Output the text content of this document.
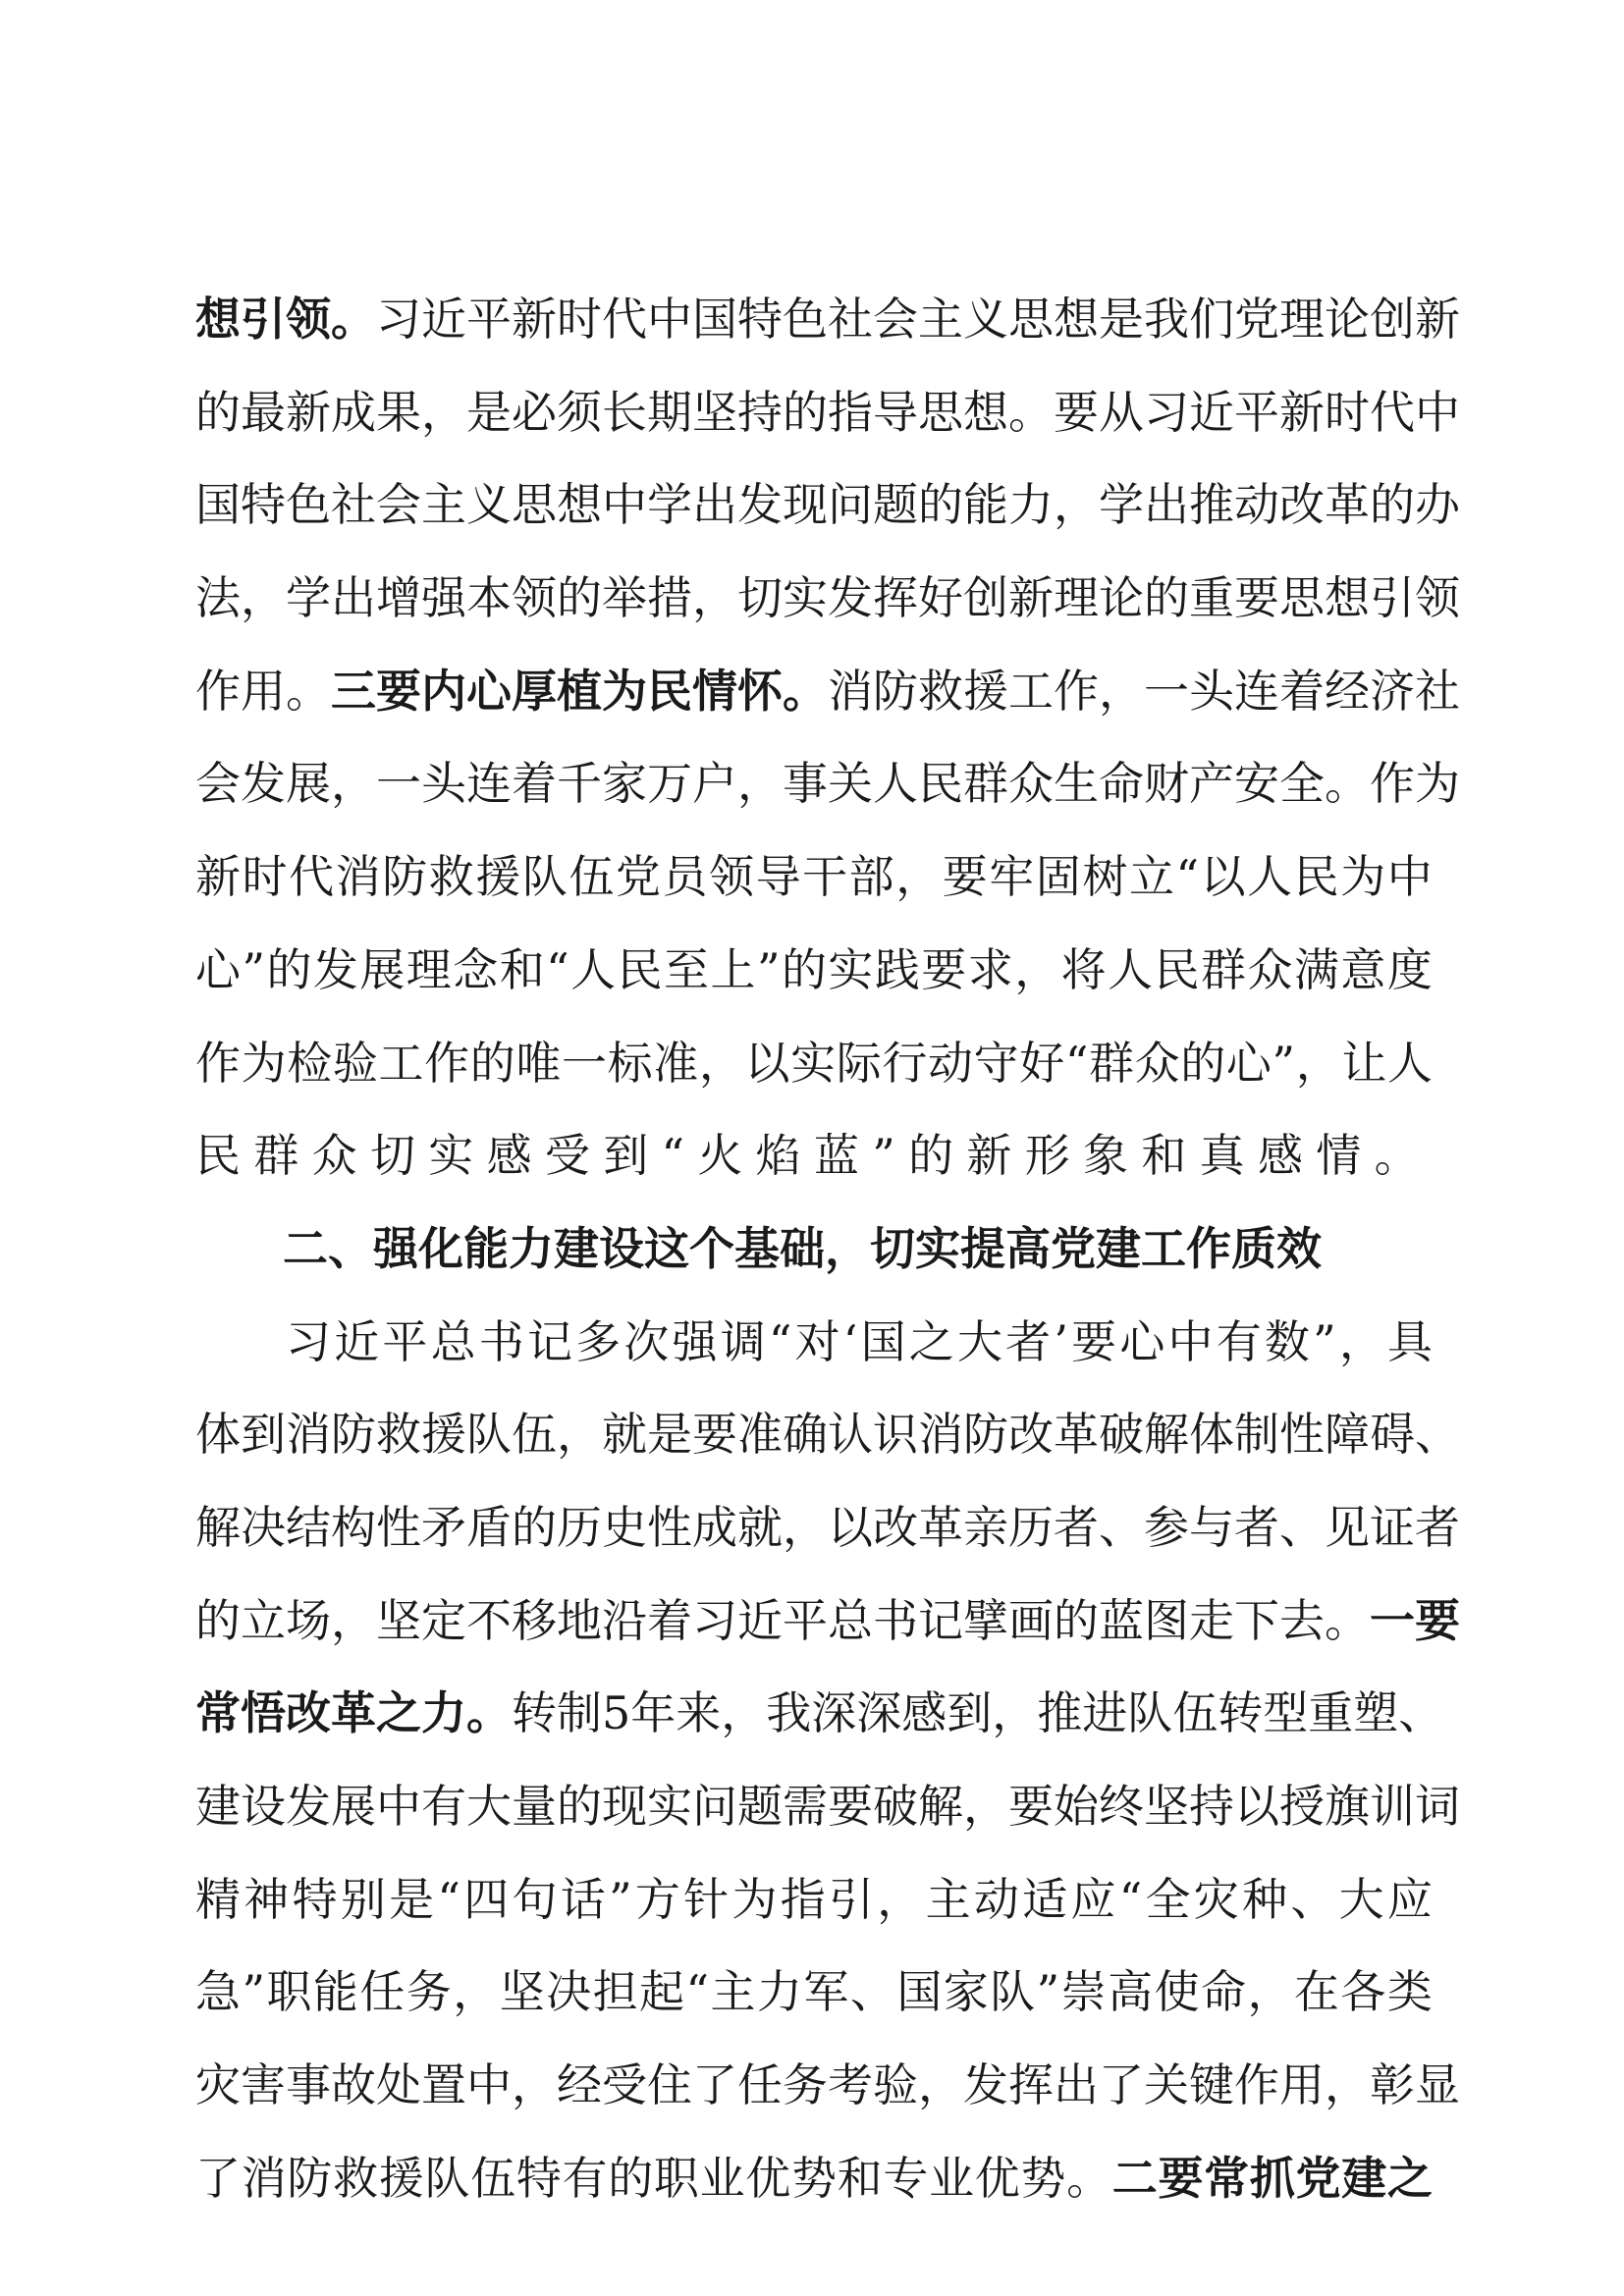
想 引 领 。 习 近 平 新 时 代 中 国 特 色 社 会 主 义 思 想 是 我 们 党 理 论 创 新
的 最 新 成 果 ， 是 必 须 长 期 坚 持 的 指 导 思 想 。 要 从 习 近 平 新 时 代 中
国 特 色 社 会 主 义 思 想 中 学 出 发 现 问 题 的 能 力 ， 学 出 推 动 改 革 的 办
法 ， 学 出 增 强 本 领 的 举 措 ， 切 实 发 挥 好 创 新 理 论 的 重 要 思 想 引 领
作 用 。 三 要 内 心 厚 植 为 民 情 怀 。 消 防 救 援 工 作 ， 一 头 连 着 经 济 社
会 发 展 ， 一 头 连 着 千 家 万 户 ， 事 关 人 民 群 众 生 命 财 产 安 全 。 作 为
新 时 代 消 防 救 援 队 伍 党 员 领 导 干 部 ， 要 牢 固 树 立 “ 以 人 民 为 中
心 ” 的 发 展 理 念 和 “ 人 民 至 上 ” 的 实 践 要 求 ， 将 人 民 群 众 满 意 度
作 为 检 验 工 作 的 唯 一 标 准 ， 以 实 际 行 动 守 好 “ 群 众 的 心 ” ， 让 人
民 群 众 切 实 感 受 到 “ 火 焰 蓝 ” 的 新 形 象 和 真 感 情 。
二 、 强 化 能 力 建 设 这 个 基 础 ， 切 实 提 高 党 建 工 作 质 效
习 近 平 总 书 记 多 次 强 调 “ 对 ‘ 国 之 大 者 ’ 要 心 中 有 数 ” ， 具
体 到 消 防 救 援 队 伍 ， 就 是 要 准 确 认 识 消 防 改 革 破 解 体 制 性 障 碍 、
解 决 结 构 性 矛 盾 的 历 史 性 成 就 ， 以 改 革 亲 历 者 、 参 与 者 、 见 证 者
的 立 场 ， 坚 定 不 移 地 沿 着 习 近 平 总 书 记 擘 画 的 蓝 图 走 下 去 。 一 要
常 悟 改 革 之 力 。 转 制 5 年 来 ， 我 深 深 感 到 ， 推 进 队 伍 转 型 重 塑 、
建 设 发 展 中 有 大 量 的 现 实 问 题 需 要 破 解 ， 要 始 终 坚 持 以 授 旗 训 词
精 神 特 别 是 “ 四 句 话 ” 方 针 为 指 引 ， 主 动 适 应 “ 全 灾 种 、 大 应
急 ” 职 能 任 务 ， 坚 决 担 起 “ 主 力 军 、 国 家 队 ” 崇 高 使 命 ， 在 各 类
灾 害 事 故 处 置 中 ， 经 受 住 了 任 务 考 验 ， 发 挥 出 了 关 键 作 用 ， 彰 显
了 消 防 救 援 队 伍 特 有 的 职 业 优 势 和 专 业 优 势 。 二 要 常 抓 党 建 之
